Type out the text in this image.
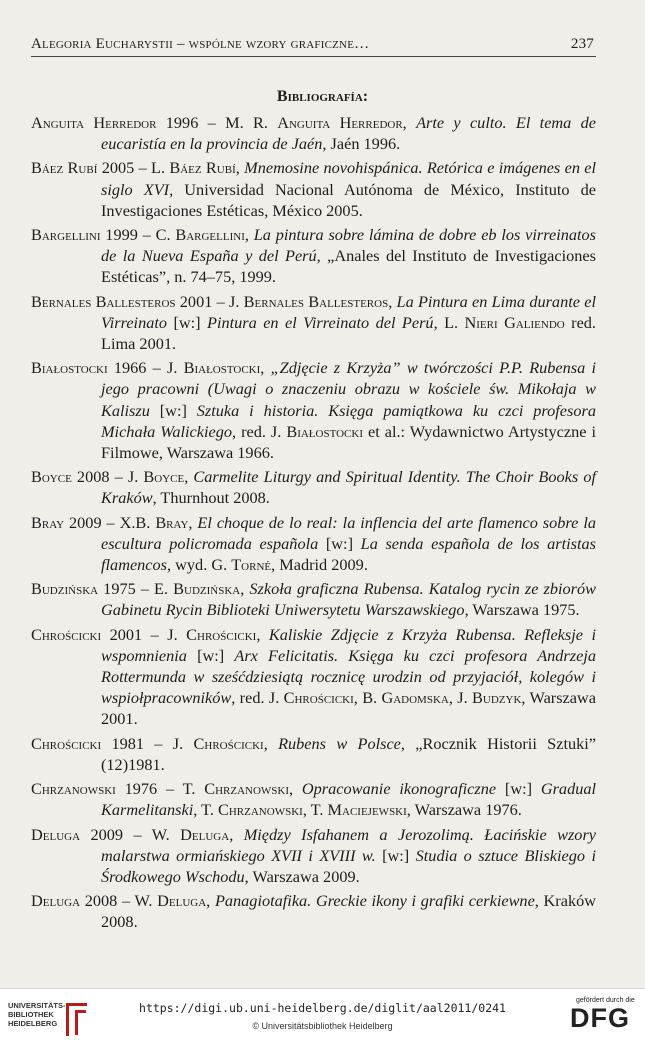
Alegoria Eucharystii – wspólne wzory graficzne…	237
Bibliografía:
Anguita Herredor 1996 – M. R. Anguita Herredor, Arte y culto. El tema de eucaristía en la provincia de Jaén, Jaén 1996.
Báez Rubí 2005 – L. Báez Rubí, Mnemosine novohispánica. Retórica e imágenes en el siglo XVI, Universidad Nacional Autónoma de México, Instituto de Investigaciones Estéticas, México 2005.
Bargellini 1999 – C. Bargellini, La pintura sobre lámina de dobre eb los virreinatos de la Nueva España y del Perú, „Anales del Instituto de Investigaciones Estéticas”, n. 74–75, 1999.
Bernales Ballesteros 2001 – J. Bernales Ballesteros, La Pintura en Lima durante el Virreinato [w:] Pintura en el Virreinato del Perú, L. Nieri Galiendo red. Lima 2001.
Białostocki 1966 – J. Białostocki, „Zdjęcie z Krzyża” w twórczości P.P. Rubensa i jego pracowni (Uwagi o znaczeniu obrazu w kościele św. Mikołaja w Kaliszu [w:] Sztuka i historia. Księga pamiątkowa ku czci profesora Michała Walickiego, red. J. Białostocki et al.: Wydawnictwo Artystyczne i Filmowe, Warszawa 1966.
Boyce 2008 – J. Boyce, Carmelite Liturgy and Spiritual Identity. The Choir Books of Kraków, Thurnhout 2008.
Bray 2009 – X.B. Bray, El choque de lo real: la inflencia del arte flamenco sobre la escultura policromada española [w:] La senda española de los artistas flamencos, wyd. G. Torné, Madrid 2009.
Budzińska 1975 – E. Budzińska, Szkoła graficzna Rubensa. Katalog rycin ze zbiorów Gabinetu Rycin Biblioteki Uniwersytetu Warszawskiego, Warszawa 1975.
Chrościcki 2001 – J. Chrościcki, Kaliskie Zdjęcie z Krzyża Rubensa. Refleksje i wspomnienia [w:] Arx Felicitatis. Księga ku czci profesora Andrzeja Rottermunda w sześćdziesiątą rocznicę urodzin od przyjaciół, kolegów i wspiołpracowników, red. J. Chrościcki, B. Gadomska, J. Budzyk, Warszawa 2001.
Chrościcki 1981 – J. Chrościcki, Rubens w Polsce, „Rocznik Historii Sztuki” (12)1981.
Chrzanowski 1976 – T. Chrzanowski, Opracowanie ikonograficzne [w:] Gradual Karmelitanski, T. Chrzanowski, T. Maciejewski, Warszawa 1976.
Deluga 2009 – W. Deluga, Między Isfahanem a Jerozolimą. Łacińskie wzory malarstwa ormiańskiego XVII i XVIII w. [w:] Studia o sztuce Bliskiego i Środkowego Wschodu, Warszawa 2009.
Deluga 2008 – W. Deluga, Panagiotafika. Greckie ikony i grafiki cerkiewne, Kraków 2008.
UNIVERSITÄTS-
BIBLIOTHEK
HEIDELBERG
https://digi.ub.uni-heidelberg.de/diglit/aal2011/0241
© Universitätsbibliothek Heidelberg
gefördert durch die
DFG
